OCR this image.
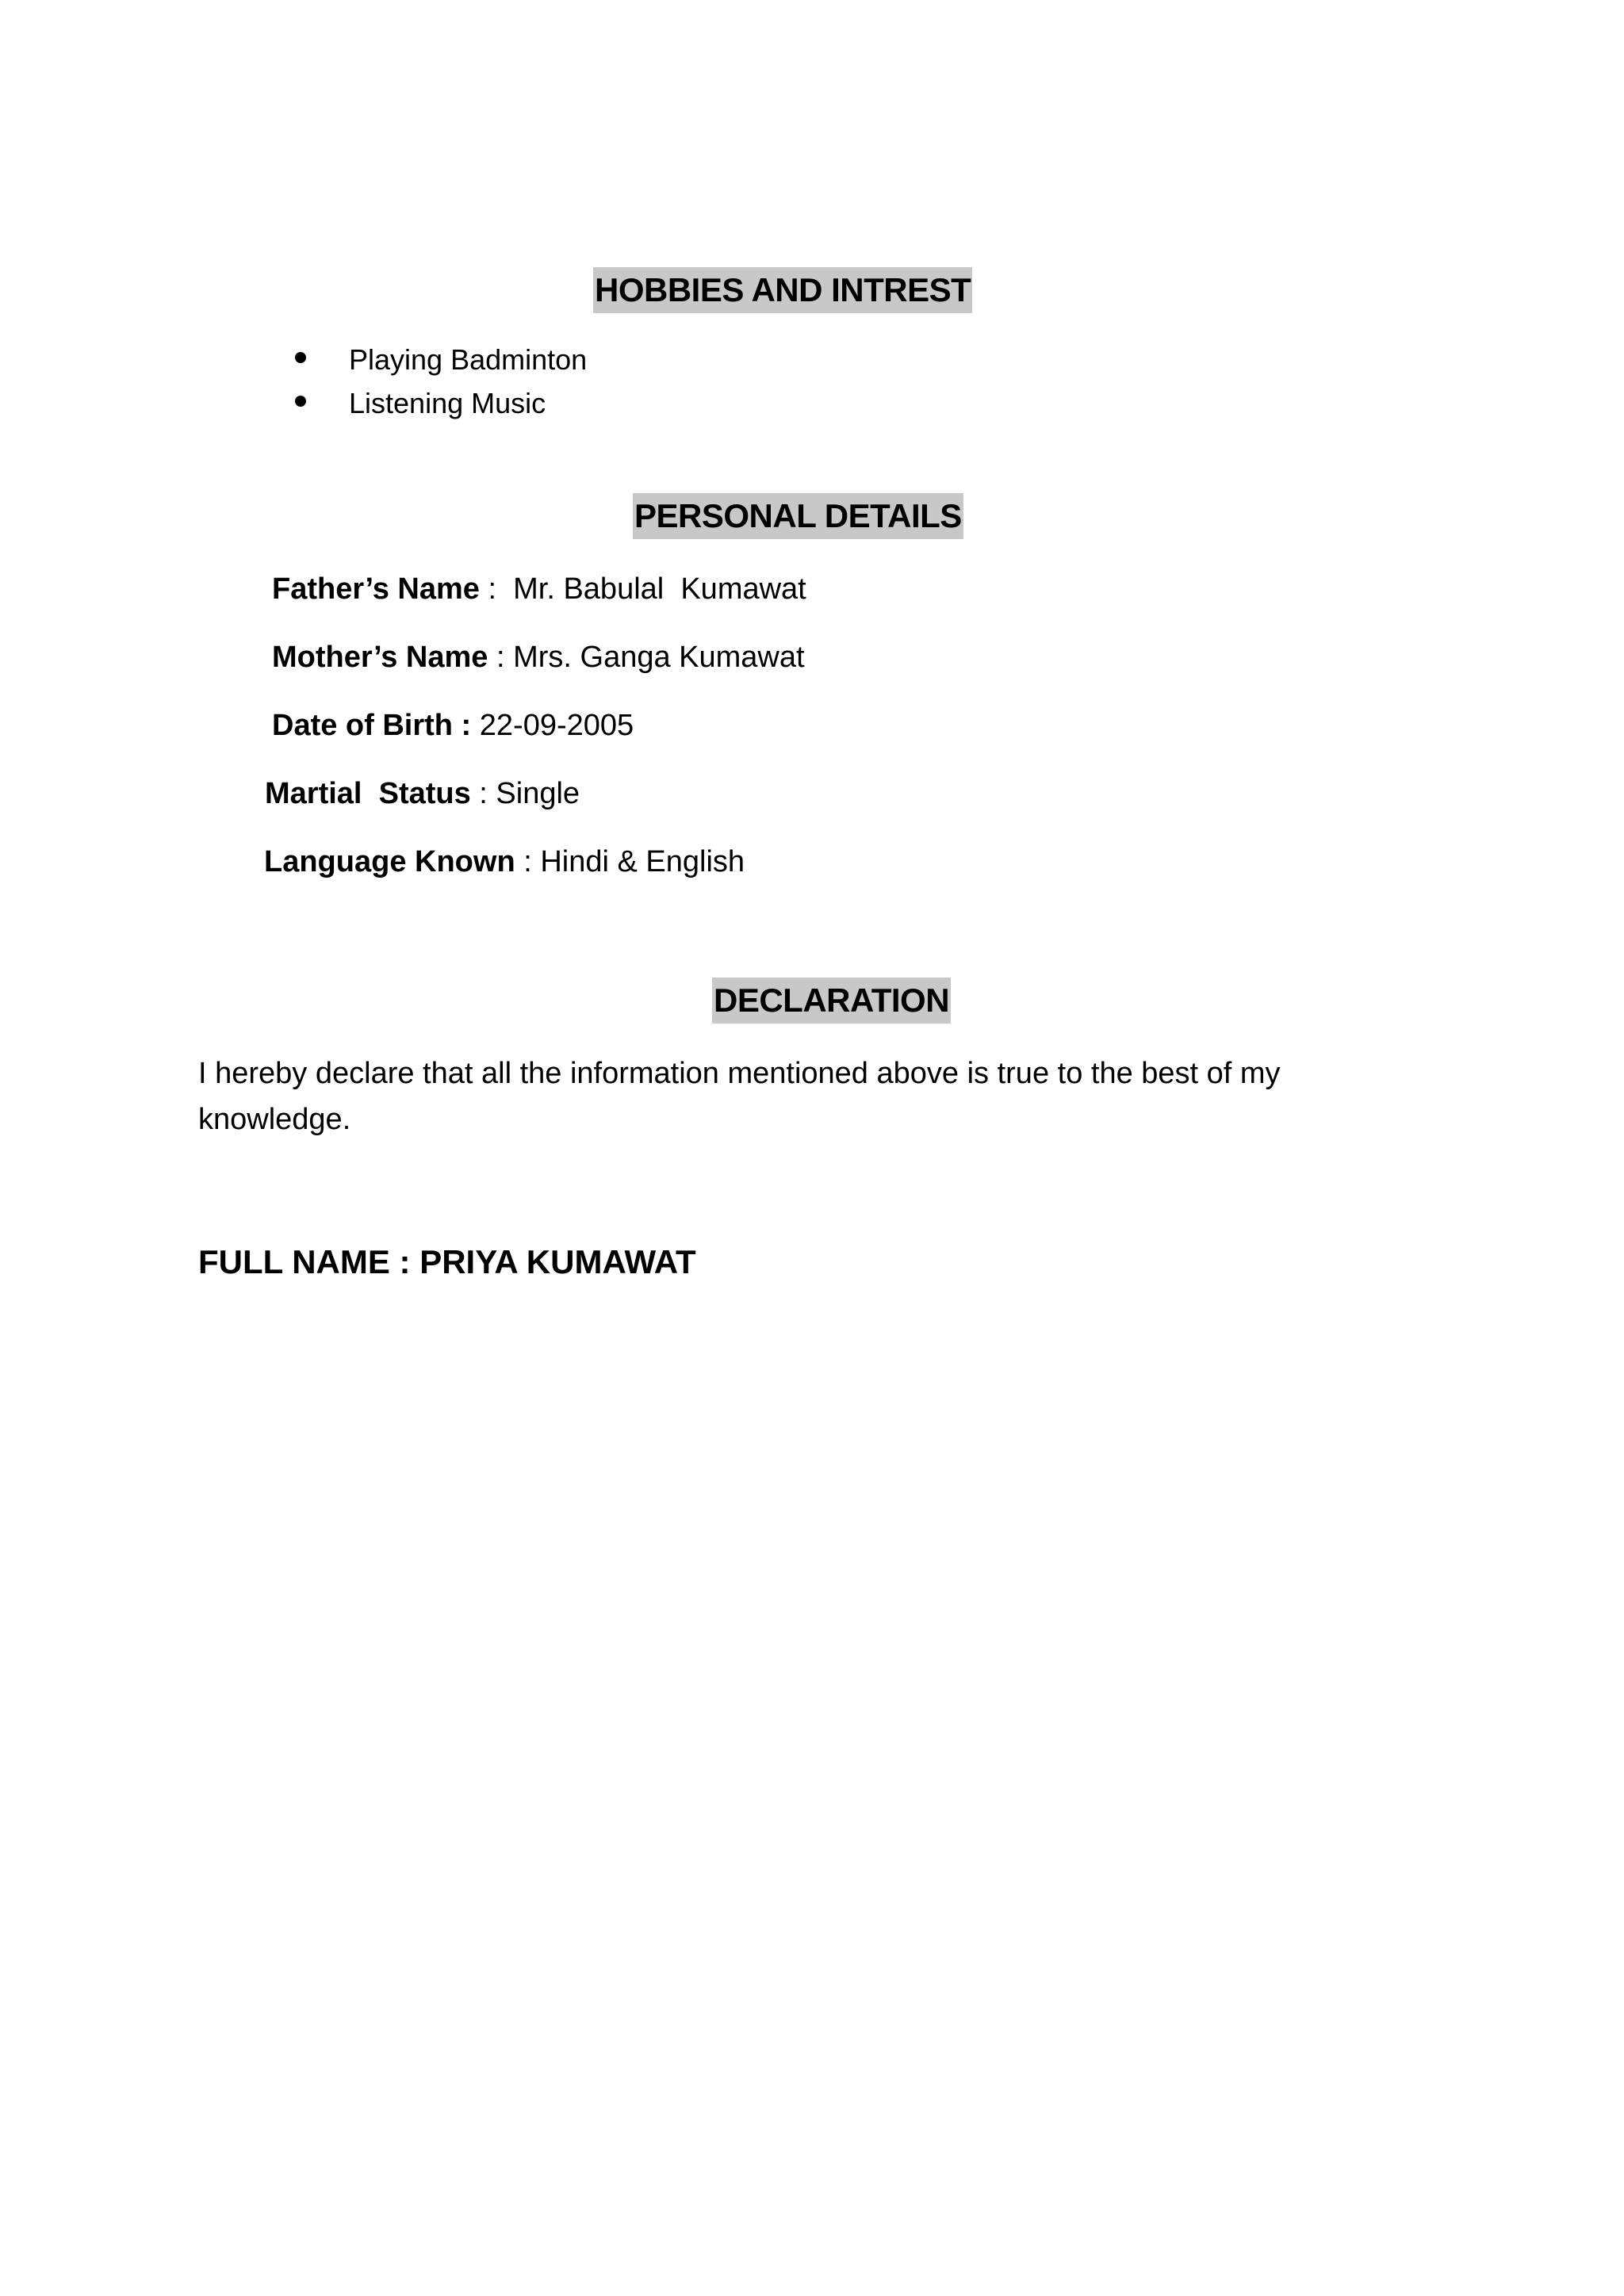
HOBBIES AND INTREST
Playing Badminton
Listening Music
PERSONAL DETAILS
Father’s Name :  Mr. Babulal  Kumawat
Mother’s Name : Mrs. Ganga Kumawat
Date of Birth : 22-09-2005
Martial  Status : Single
Language Known : Hindi & English
DECLARATION
I hereby declare that all the information mentioned above is true to the best of my knowledge.
FULL NAME : PRIYA KUMAWAT
